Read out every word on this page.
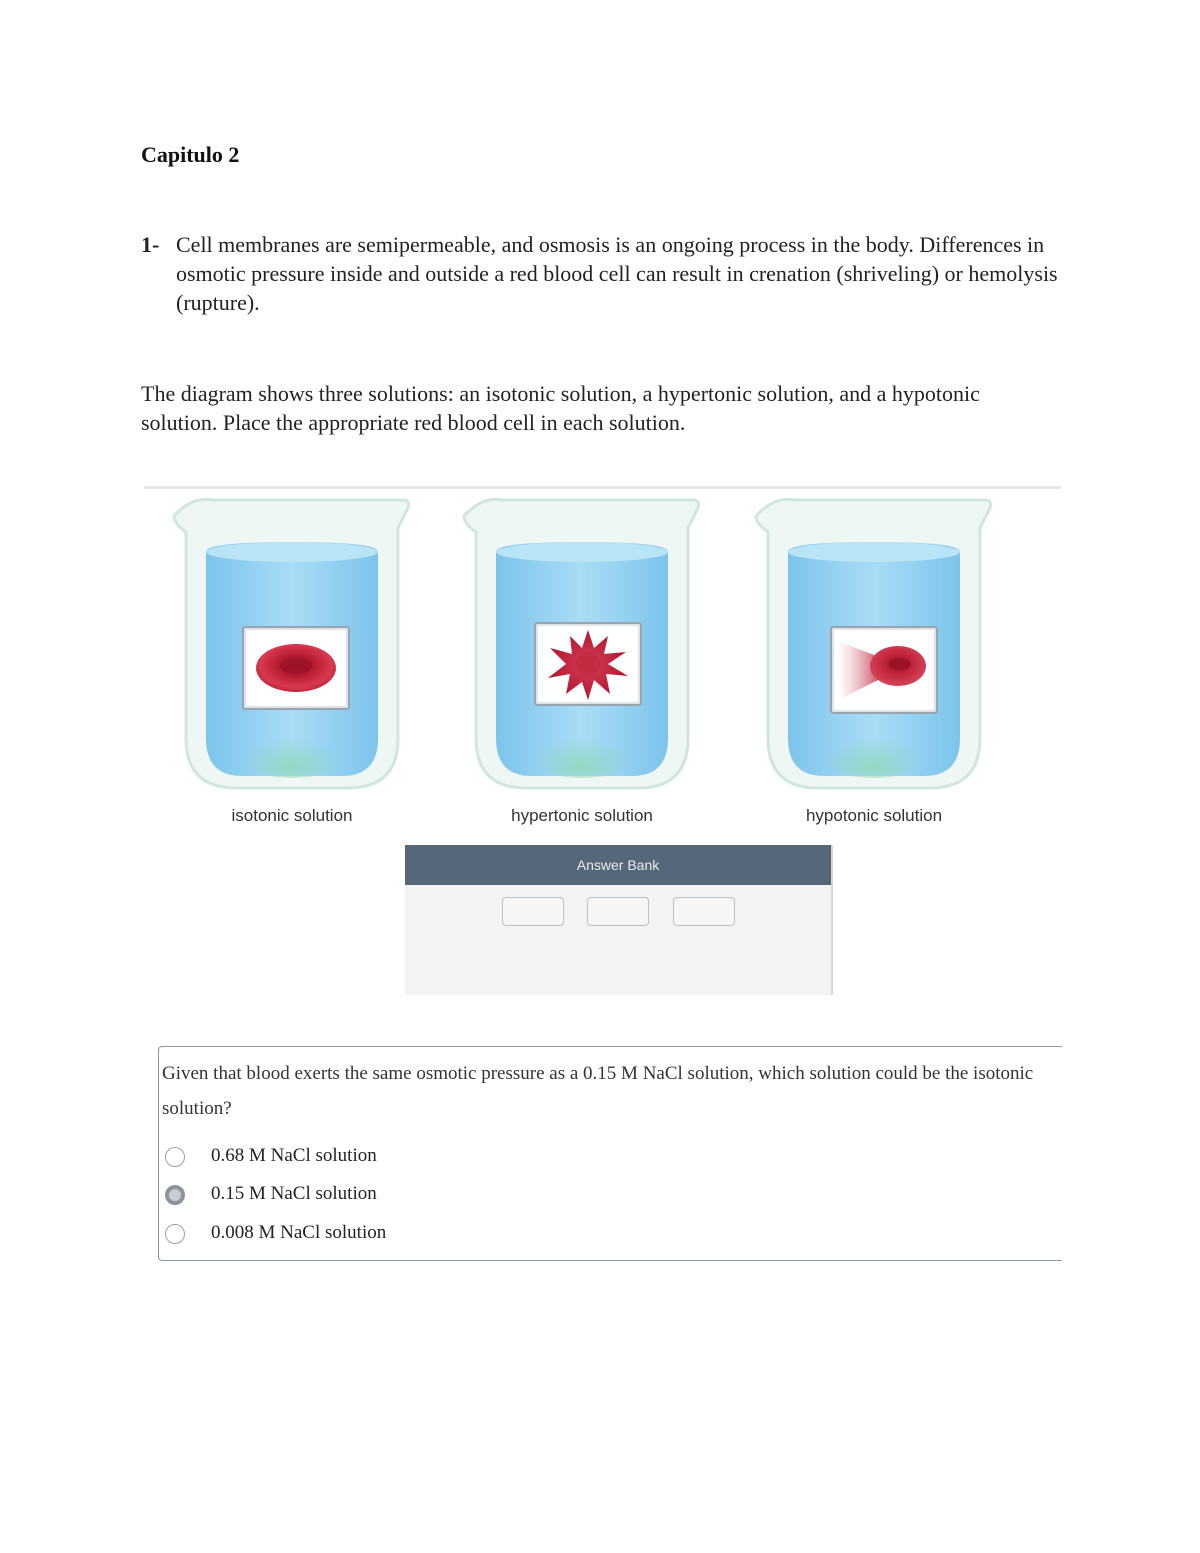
Capitulo 2
1- Cell membranes are semipermeable, and osmosis is an ongoing process in the body. Differences in osmotic pressure inside and outside a red blood cell can result in crenation (shriveling) or hemolysis (rupture).
The diagram shows three solutions: an isotonic solution, a hypertonic solution, and a hypotonic solution. Place the appropriate red blood cell in each solution.
isotonic solution	hypertonic solution	hypotonic solution
Answer Bank
Given that blood exerts the same osmotic pressure as a 0.15 M NaCl solution, which solution could be the isotonic solution?
0.68 M NaCl solution
0.15 M NaCl solution
0.008 M NaCl solution
